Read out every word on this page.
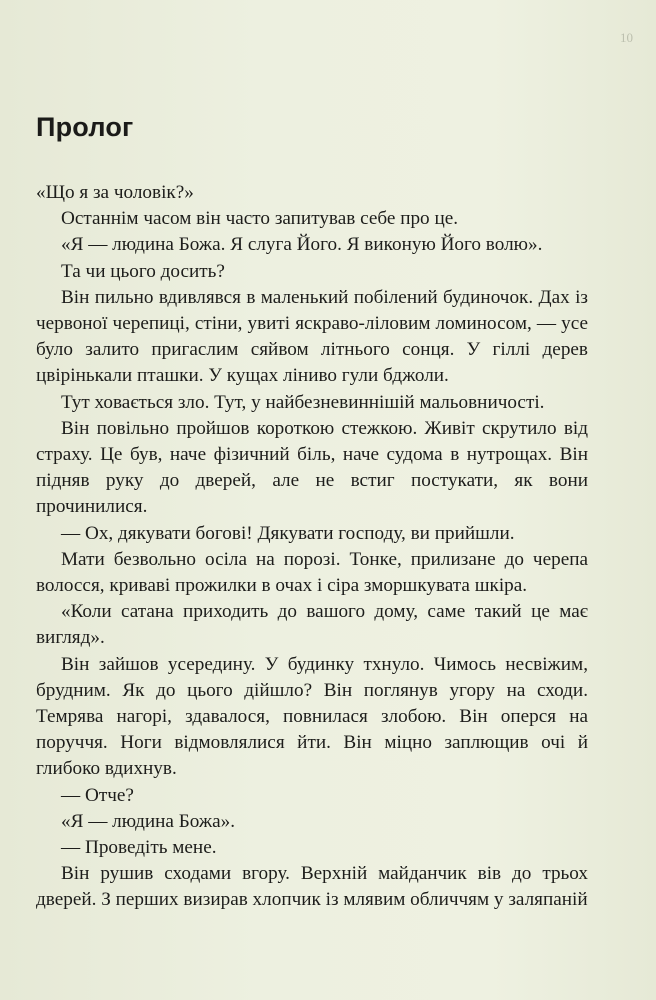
10
Пролог

«Що я за чоловік?»

Останнім часом він часто запитував себе про це.

«Я — людина Божа. Я слуга Його. Я виконую Його волю».

Та чи цього досить?

Він пильно вдивлявся в маленький побілений будиночок. Дах із червоної черепиці, стіни, увиті яскраво-ліловим ломиносом, — усе було залито пригаслим сяйвом літнього сонця. У гіллі дерев цвірінькали пташки. У кущах ліниво гули бджоли.

Тут ховається зло. Тут, у найбезневиннішій мальовничості.

Він повільно пройшов короткою стежкою. Живіт скрутило від страху. Це був, наче фізичний біль, наче судома в нутрощах. Він підняв руку до дверей, але не встиг постукати, як вони прочинилися.

— Ох, дякувати богові! Дякувати господу, ви прийшли.

Мати безвольно осіла на порозі. Тонке, прилизане до черепа волосся, криваві прожилки в очах і сіра зморшкувата шкіра.

«Коли сатана приходить до вашого дому, саме такий це має вигляд».

Він зайшов усередину. У будинку тхнуло. Чимось несвіжим, брудним. Як до цього дійшло? Він поглянув угору на сходи. Темрява нагорі, здавалося, повнилася злобою. Він оперся на поруччя. Ноги відмовлялися йти. Він міцно заплющив очі й глибоко вдихнув.

— Отче?

«Я — людина Божа».

— Проведіть мене.

Він рушив сходами вгору. Верхній майданчик вів до трьох дверей. З перших визирав хлопчик із млявим обличчям у заляпаній
